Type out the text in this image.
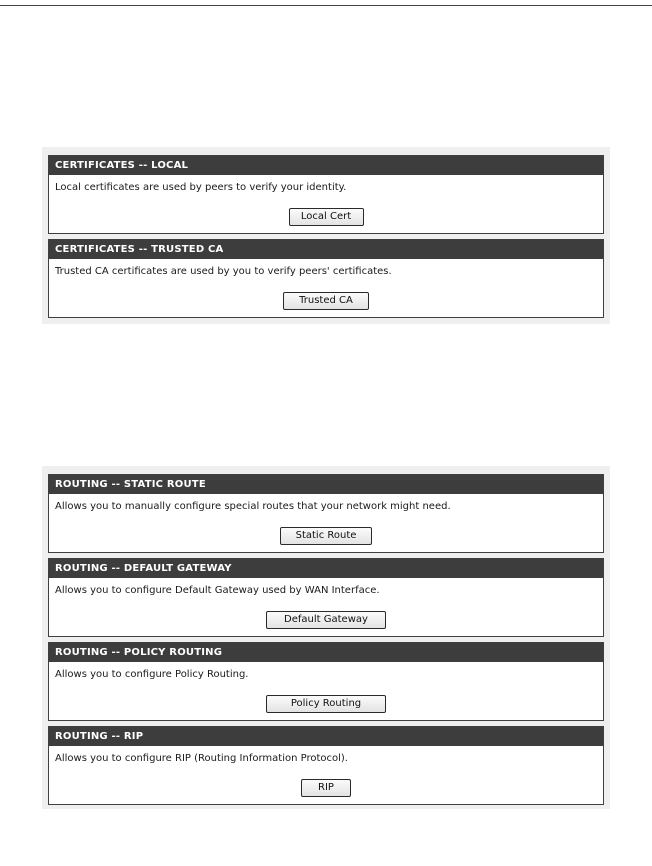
CERTIFICATES -- LOCAL
Local certificates are used by peers to verify your identity.
Local Cert
CERTIFICATES -- TRUSTED CA
Trusted CA certificates are used by you to verify peers' certificates.
Trusted CA
ROUTING -- STATIC ROUTE
Allows you to manually configure special routes that your network might need.
Static Route
ROUTING -- DEFAULT GATEWAY
Allows you to configure Default Gateway used by WAN Interface.
Default Gateway
ROUTING -- POLICY ROUTING
Allows you to configure Policy Routing.
Policy Routing
ROUTING -- RIP
Allows you to configure RIP (Routing Information Protocol).
RIP
